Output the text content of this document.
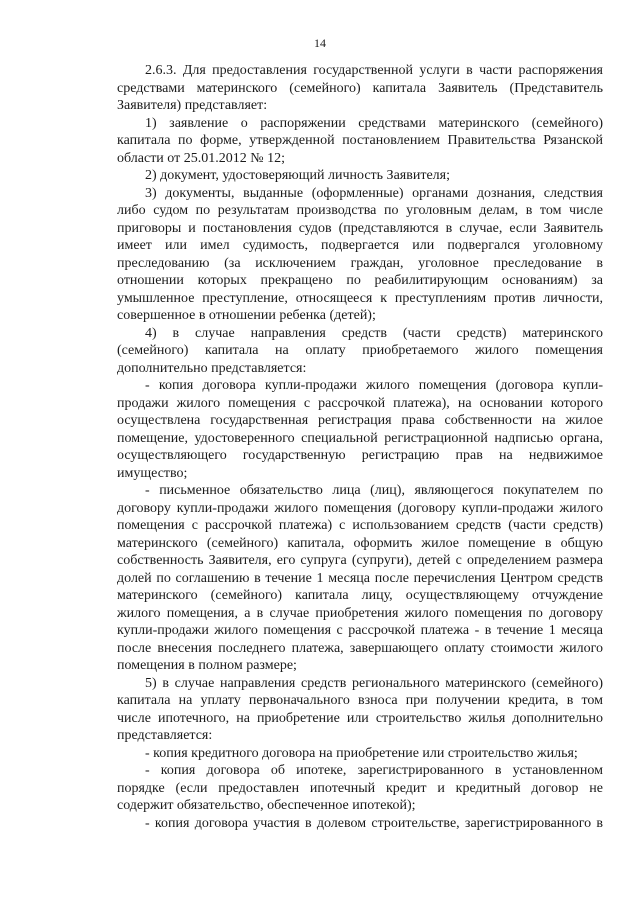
14
2.6.3. Для предоставления государственной услуги в части распоряжения
средствами материнского (семейного) капитала Заявитель (Представитель
Заявителя) представляет:
1) заявление о распоряжении средствами материнского (семейного)
капитала по форме, утвержденной постановлением Правительства Рязанской
области от 25.01.2012 № 12;
2) документ, удостоверяющий личность Заявителя;
3) документы, выданные (оформленные) органами дознания, следствия
либо судом по результатам производства по уголовным делам, в том числе
приговоры и постановления судов (представляются в случае, если Заявитель
имеет или имел судимость, подвергается или подвергался уголовному
преследованию (за исключением граждан, уголовное преследование в
отношении которых прекращено по реабилитирующим основаниям) за
умышленное преступление, относящееся к преступлениям против личности,
совершенное в отношении ребенка (детей);
4) в случае направления средств (части средств) материнского
(семейного) капитала на оплату приобретаемого жилого помещения
дополнительно представляется:
- копия договора купли-продажи жилого помещения (договора купли-
продажи жилого помещения с рассрочкой платежа), на основании которого
осуществлена государственная регистрация права собственности на жилое
помещение, удостоверенного специальной регистрационной надписью органа,
осуществляющего государственную регистрацию прав на недвижимое
имущество;
- письменное обязательство лица (лиц), являющегося покупателем по
договору купли-продажи жилого помещения (договору купли-продажи жилого
помещения с рассрочкой платежа) с использованием средств (части средств)
материнского (семейного) капитала, оформить жилое помещение в общую
собственность Заявителя, его супруга (супруги), детей с определением размера
долей по соглашению в течение 1 месяца после перечисления Центром средств
материнского (семейного) капитала лицу, осуществляющему отчуждение
жилого помещения, а в случае приобретения жилого помещения по договору
купли-продажи жилого помещения с рассрочкой платежа - в течение 1 месяца
после внесения последнего платежа, завершающего оплату стоимости жилого
помещения в полном размере;
5) в случае направления средств регионального материнского (семейного)
капитала на уплату первоначального взноса при получении кредита, в том
числе ипотечного, на приобретение или строительство жилья дополнительно
представляется:
- копия кредитного договора на приобретение или строительство жилья;
- копия договора об ипотеке, зарегистрированного в установленном
порядке (если предоставлен ипотечный кредит и кредитный договор не
содержит обязательство, обеспеченное ипотекой);
- копия договора участия в долевом строительстве, зарегистрированного в
